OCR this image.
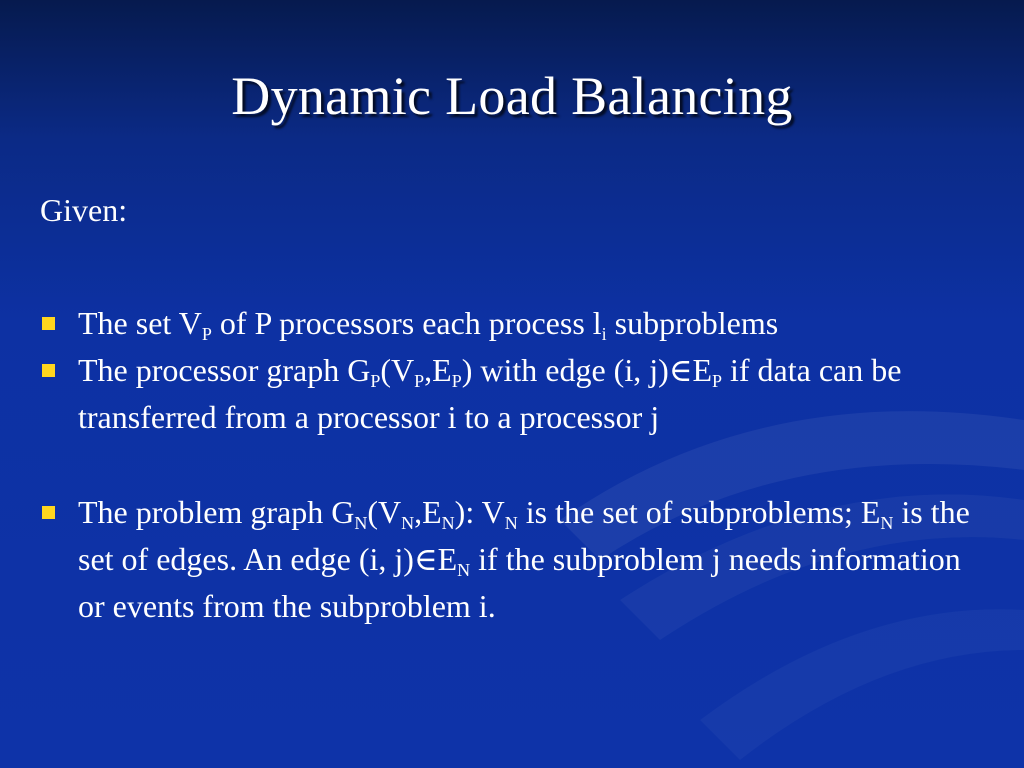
Dynamic Load Balancing
Given:
The set $V_P$ of P processors each process $l_i$ subproblems
The processor graph $G_P(V_P,E_P)$ with edge (i, $j)\in E_P$ if data can be transferred from a processor i to a processor j
The problem graph $G_N(V_N,E_N)$: $V_N$ is the set of subproblems; $E_N$ is the set of edges. An edge (i, $j)\in E_N$ if the subproblem j needs information or events from the subproblem i.
